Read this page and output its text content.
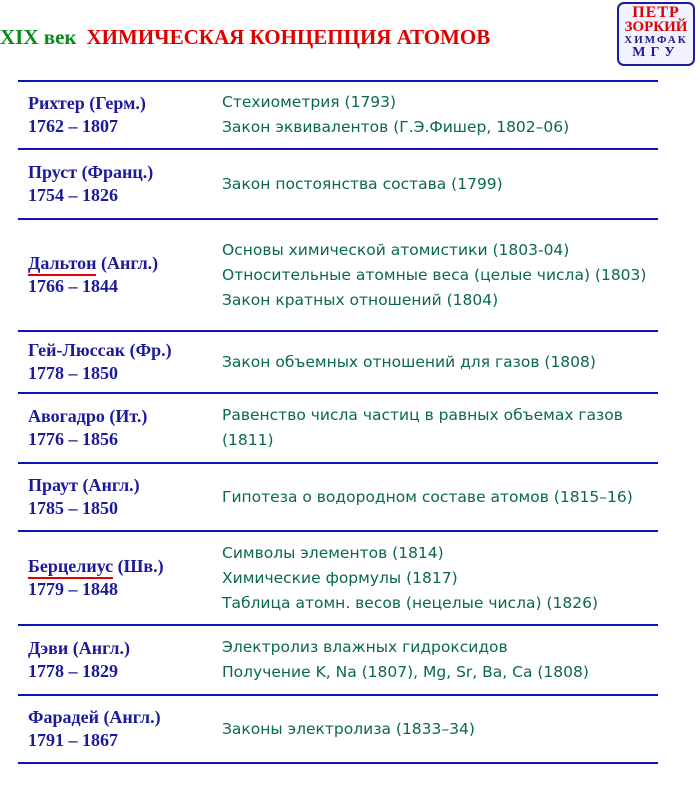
XIX век ХИМИЧЕСКАЯ КОНЦЕПЦИЯ АТОМОВ
ПЕТР
ЗОРКИЙ
ХИМФАК
МГУ
Рихтер (Герм.)
1762 – 1807
Стехиометрия (1793)
Закон эквивалентов (Г.Э.Фишер, 1802–06)
Пруст (Франц.)
1754 – 1826
Закон постоянства состава (1799)
Дальтон (Англ.)
1766 – 1844
Основы химической атомистики (1803-04)
Относительные атомные веса (целые числа) (1803)
Закон кратных отношений (1804)
Гей-Люссак (Фр.)
1778 – 1850
Закон объемных отношений для газов (1808)
Авогадро (Ит.)
1776 – 1856
Равенство числа частиц в равных объемах газов (1811)
Праут (Англ.)
1785 – 1850
Гипотеза о водородном составе атомов (1815–16)
Берцелиус (Шв.)
1779 – 1848
Символы элементов (1814)
Химические формулы (1817)
Таблица атомн. весов (нецелые числа) (1826)
Дэви (Англ.)
1778 – 1829
Электролиз влажных гидроксидов
Получение K, Na (1807), Mg, Sr, Ba, Ca (1808)
Фарадей (Англ.)
1791 – 1867
Законы электролиза (1833–34)
